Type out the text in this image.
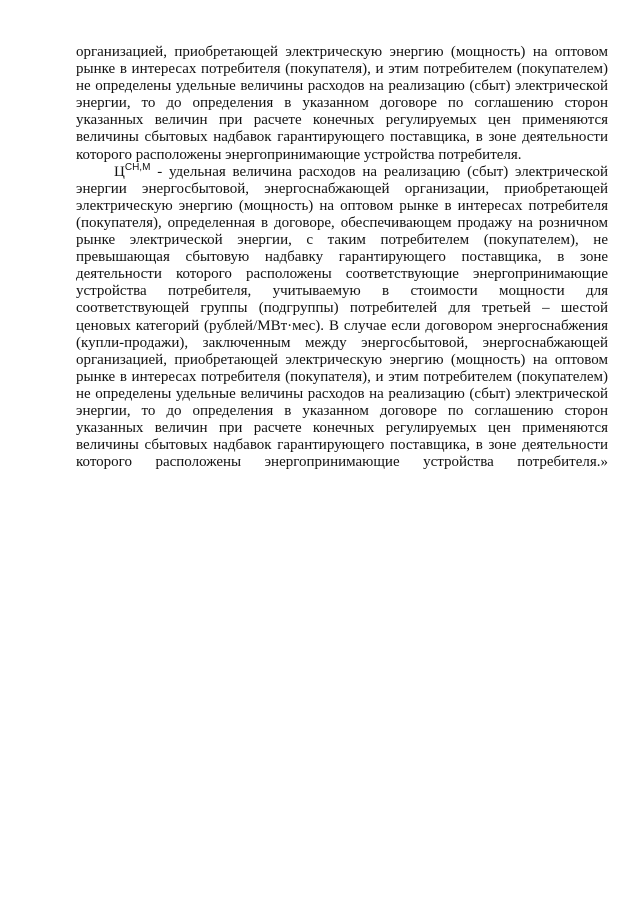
организацией, приобретающей электрическую энергию (мощность) на оптовом рынке в интересах потребителя (покупателя), и этим потребителем (покупателем) не определены удельные величины расходов на реализацию (сбыт) электрической энергии, то до определения в указанном договоре по соглашению сторон указанных величин при расчете конечных регулируемых цен применяются величины сбытовых надбавок гарантирующего поставщика, в зоне деятельности которого расположены энергопринимающие устройства потребителя.

$Ц^{СН,М}$ - удельная величина расходов на реализацию (сбыт) электрической энергии энергосбытовой, энергоснабжающей организации, приобретающей электрическую энергию (мощность) на оптовом рынке в интересах потребителя (покупателя), определенная в договоре, обеспечивающем продажу на розничном рынке электрической энергии, с таким потребителем (покупателем), не превышающая сбытовую надбавку гарантирующего поставщика, в зоне деятельности которого расположены соответствующие энергопринимающие устройства потребителя, учитываемую в стоимости мощности для соответствующей группы (подгруппы) потребителей для третьей – шестой ценовых категорий (рублей/МВт·мес). В случае если договором энергоснабжения (купли-продажи), заключенным между энергосбытовой, энергоснабжающей организацией, приобретающей электрическую энергию (мощность) на оптовом рынке в интересах потребителя (покупателя), и этим потребителем (покупателем) не определены удельные величины расходов на реализацию (сбыт) электрической энергии, то до определения в указанном договоре по соглашению сторон указанных величин при расчете конечных регулируемых цен применяются величины сбытовых надбавок гарантирующего поставщика, в зоне деятельности которого расположены энергопринимающие устройства потребителя.»
